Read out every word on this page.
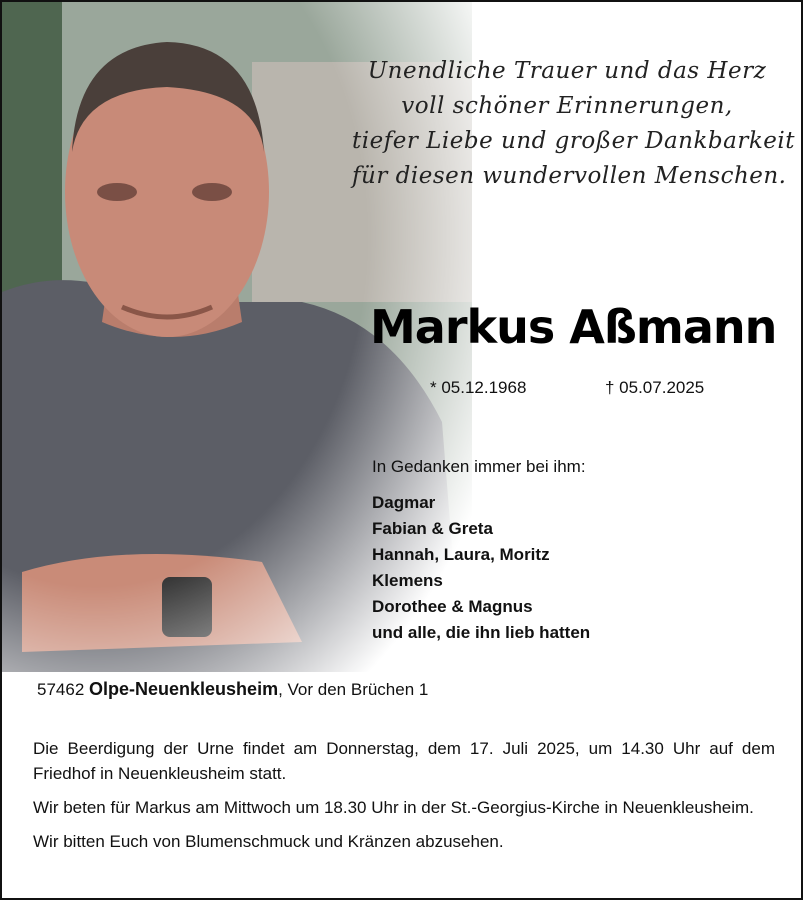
Unendliche Trauer und das Herz
voll schöner Erinnerungen,
tiefer Liebe und großer Dankbarkeit
für diesen wundervollen Menschen.
Markus Aßmann
* 05.12.1968	† 05.07.2025
In Gedanken immer bei ihm:
Dagmar
Fabian & Greta
Hannah, Laura, Moritz
Klemens
Dorothee & Magnus
und alle, die ihn lieb hatten
57462 Olpe-Neuenkleusheim, Vor den Brüchen 1

Die Beerdigung der Urne findet am Donnerstag, dem 17. Juli 2025, um 14.30 Uhr auf dem Friedhof in Neuenkleusheim statt.

Wir beten für Markus am Mittwoch um 18.30 Uhr in der St.-Georgius-Kirche in Neuenkleusheim.

Wir bitten Euch von Blumenschmuck und Kränzen abzusehen.
